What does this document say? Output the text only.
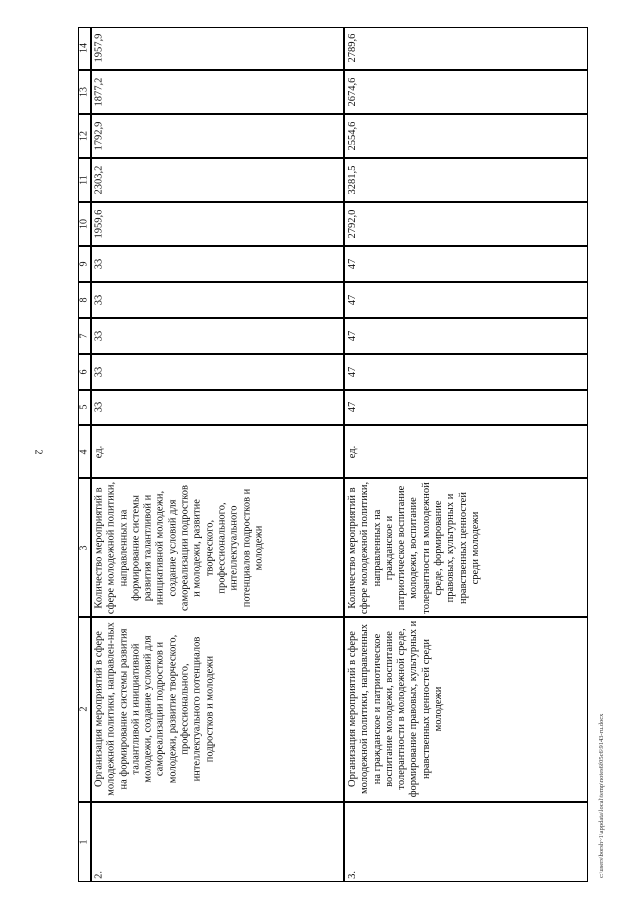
2
1
2
3
4
5
6
7
8
9
10
11
12
13
14
2.
Организация мероприятий в сфере молодежной политики, направлен-ных на формирование системы развития талантливой и инициативной молодежи, создание условий для самореализации подростков и молодежи, развитие творческого, профессионального, интеллектуального потенциалов подростков и молодежи
Количество мероприятий в сфере молодежной политики, направленных на формирование системы развития талантливой и инициативной молодежи, создание условий для самореализации подростков и молодежи, развитие творческого, профессионального, интеллектуального потенциалов подростков и молодежи
ед.
33
33
33
33
33
1959,6
2303,2
1792,9
1877,2
1957,9
3.
Организация мероприятий в сфере молодежной политики, направленных на гражданское и патриотическое воспитание молодежи, воспитание толерантности в молодежной среде, формирование правовых, культурных и нравственных ценностей среди молодежи
Количество мероприятий в сфере молодежной политики, направленных на гражданское и патриотическое воспитание молодежи, воспитание толерантности в молодежной среде, формирование правовых, культурных и нравственных ценностей среди молодежи
ед.
47
47
47
47
47
2792,0
3281,5
2554,6
2674,6
2789,6
c:\users\borsh~1\appdata\local\temp\notes6f05c6\9143-ru.docx
